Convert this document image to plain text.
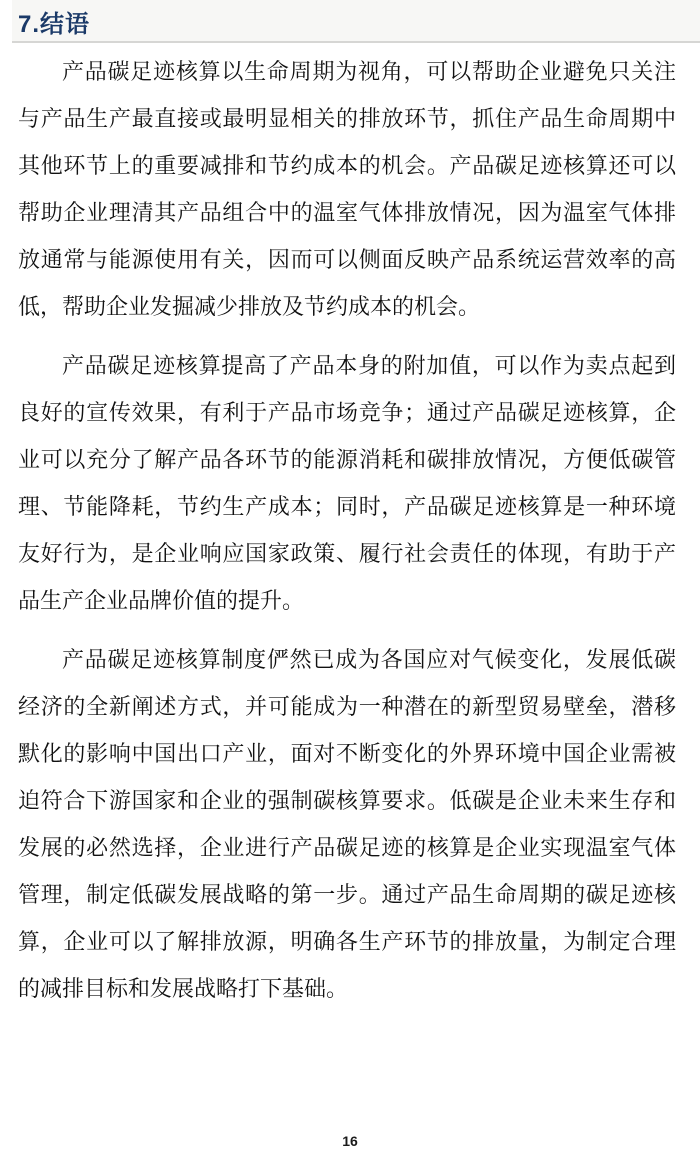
7.结语

产品碳足迹核算以生命周期为视角，可以帮助企业避免只关注与产品生产最直接或最明显相关的排放环节，抓住产品生命周期中其他环节上的重要减排和节约成本的机会。产品碳足迹核算还可以帮助企业理清其产品组合中的温室气体排放情况，因为温室气体排放通常与能源使用有关，因而可以侧面反映产品系统运营效率的高低，帮助企业发掘减少排放及节约成本的机会。

产品碳足迹核算提高了产品本身的附加值，可以作为卖点起到良好的宣传效果，有利于产品市场竞争；通过产品碳足迹核算，企业可以充分了解产品各环节的能源消耗和碳排放情况，方便低碳管理、节能降耗，节约生产成本；同时，产品碳足迹核算是一种环境友好行为，是企业响应国家政策、履行社会责任的体现，有助于产品生产企业品牌价值的提升。

产品碳足迹核算制度俨然已成为各国应对气候变化，发展低碳经济的全新阐述方式，并可能成为一种潜在的新型贸易壁垒，潜移默化的影响中国出口产业，面对不断变化的外界环境中国企业需被迫符合下游国家和企业的强制碳核算要求。低碳是企业未来生存和发展的必然选择，企业进行产品碳足迹的核算是企业实现温室气体管理，制定低碳发展战略的第一步。通过产品生命周期的碳足迹核算，企业可以了解排放源，明确各生产环节的排放量，为制定合理的减排目标和发展战略打下基础。

16
